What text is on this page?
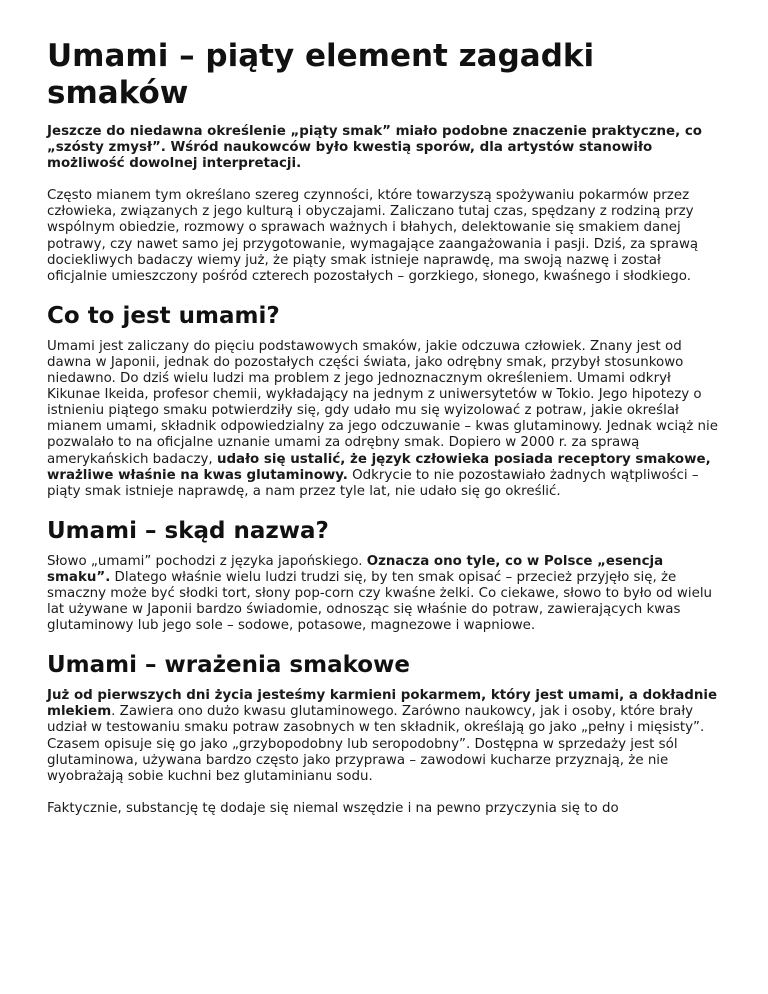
Umami – piąty element zagadki smaków

Jeszcze do niedawna określenie „piąty smak” miało podobne znaczenie praktyczne, co „szósty zmysł”. Wśród naukowców było kwestią sporów, dla artystów stanowiło możliwość dowolnej interpretacji.

Często mianem tym określano szereg czynności, które towarzyszą spożywaniu pokarmów przez człowieka, związanych z jego kulturą i obyczajami. Zaliczano tutaj czas, spędzany z rodziną przy wspólnym obiedzie, rozmowy o sprawach ważnych i błahych, delektowanie się smakiem danej potrawy, czy nawet samo jej przygotowanie, wymagające zaangażowania i pasji. Dziś, za sprawą dociekliwych badaczy wiemy już, że piąty smak istnieje naprawdę, ma swoją nazwę i został oficjalnie umieszczony pośród czterech pozostałych – gorzkiego, słonego, kwaśnego i słodkiego.

Co to jest umami?

Umami jest zaliczany do pięciu podstawowych smaków, jakie odczuwa człowiek. Znany jest od dawna w Japonii, jednak do pozostałych części świata, jako odrębny smak, przybył stosunkowo niedawno. Do dziś wielu ludzi ma problem z jego jednoznacznym określeniem. Umami odkrył Kikunae Ikeida, profesor chemii, wykładający na jednym z uniwersytetów w Tokio. Jego hipotezy o istnieniu piątego smaku potwierdziły się, gdy udało mu się wyizolować z potraw, jakie określał mianem umami, składnik odpowiedzialny za jego odczuwanie – kwas glutaminowy. Jednak wciąż nie pozwalało to na oficjalne uznanie umami za odrębny smak. Dopiero w 2000 r. za sprawą amerykańskich badaczy, udało się ustalić, że język człowieka posiada receptory smakowe, wrażliwe właśnie na kwas glutaminowy. Odkrycie to nie pozostawiało żadnych wątpliwości – piąty smak istnieje naprawdę, a nam przez tyle lat, nie udało się go określić.

Umami – skąd nazwa?

Słowo „umami” pochodzi z języka japońskiego. Oznacza ono tyle, co w Polsce „esencja smaku”. Dlatego właśnie wielu ludzi trudzi się, by ten smak opisać – przecież przyjęło się, że smaczny może być słodki tort, słony pop-corn czy kwaśne żelki. Co ciekawe, słowo to było od wielu lat używane w Japonii bardzo świadomie, odnosząc się właśnie do potraw, zawierających kwas glutaminowy lub jego sole – sodowe, potasowe, magnezowe i wapniowe.

Umami – wrażenia smakowe

Już od pierwszych dni życia jesteśmy karmieni pokarmem, który jest umami, a dokładnie mlekiem. Zawiera ono dużo kwasu glutaminowego. Zarówno naukowcy, jak i osoby, które brały udział w testowaniu smaku potraw zasobnych w ten składnik, określają go jako „pełny i mięsisty”. Czasem opisuje się go jako „grzybopodobny lub seropodobny”. Dostępna w sprzedaży jest sól glutaminowa, używana bardzo często jako przyprawa – zawodowi kucharze przyznają, że nie wyobrażają sobie kuchni bez glutaminianu sodu.

Faktycznie, substancję tę dodaje się niemal wszędzie i na pewno przyczynia się to do
